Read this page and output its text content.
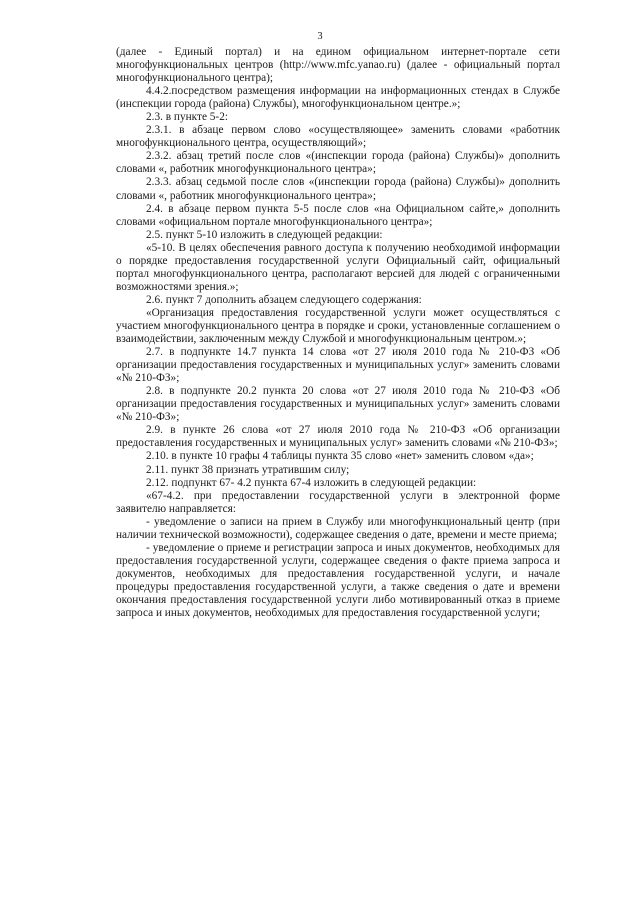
3

(далее - Единый портал) и на едином официальном интернет-портале сети многофункциональных центров (http://www.mfc.yanao.ru) (далее - официальный портал многофункционального центра);

4.4.2.посредством размещения информации на информационных стендах в Службе (инспекции города (района) Службы), многофункциональном центре.»;

2.3. в пункте 5-2:

2.3.1. в абзаце первом слово «осуществляющее» заменить словами «работник многофункционального центра, осуществляющий»;

2.3.2. абзац третий после слов «(инспекции города (района) Службы)» дополнить словами «, работник многофункционального центра»;

2.3.3. абзац седьмой после слов «(инспекции города (района) Службы)» дополнить словами «, работник многофункционального центра»;

2.4. в абзаце первом пункта 5-5 после слов «на Официальном сайте,» дополнить словами «официальном портале многофункционального центра»;

2.5. пункт 5-10 изложить в следующей редакции:

«5-10. В целях обеспечения равного доступа к получению необходимой информации о порядке предоставления государственной услуги Официальный сайт, официальный портал многофункционального центра, располагают версией для людей с ограниченными возможностями зрения.»;

2.6. пункт 7 дополнить абзацем следующего содержания:

«Организация предоставления государственной услуги может осуществляться с участием многофункционального центра в порядке и сроки, установленные соглашением о взаимодействии, заключенным между Службой и многофункциональным центром.»;

2.7. в подпункте 14.7 пункта 14 слова «от 27 июля 2010 года № 210-ФЗ «Об организации предоставления государственных и муниципальных услуг» заменить словами «№ 210-ФЗ»;

2.8. в подпункте 20.2 пункта 20 слова «от 27 июля 2010 года № 210-ФЗ «Об организации предоставления государственных и муниципальных услуг» заменить словами «№ 210-ФЗ»;

2.9. в пункте 26 слова «от 27 июля 2010 года № 210-ФЗ «Об организации предоставления государственных и муниципальных услуг» заменить словами «№ 210-ФЗ»;

2.10. в пункте 10 графы 4 таблицы пункта 35 слово «нет» заменить словом «да»;

2.11. пункт 38 признать утратившим силу;

2.12. подпункт 67- 4.2 пункта 67-4 изложить в следующей редакции:

«67-4.2. при предоставлении государственной услуги в электронной форме заявителю направляется:

- уведомление о записи на прием в Службу или многофункциональный центр (при наличии технической возможности), содержащее сведения о дате, времени и месте приема;

- уведомление о приеме и регистрации запроса и иных документов, необходимых для предоставления государственной услуги, содержащее сведения о факте приема запроса и документов, необходимых для предоставления государственной услуги, и начале процедуры предоставления государственной услуги, а также сведения о дате и времени окончания предоставления государственной услуги либо мотивированный отказ в приеме запроса и иных документов, необходимых для предоставления государственной услуги;
